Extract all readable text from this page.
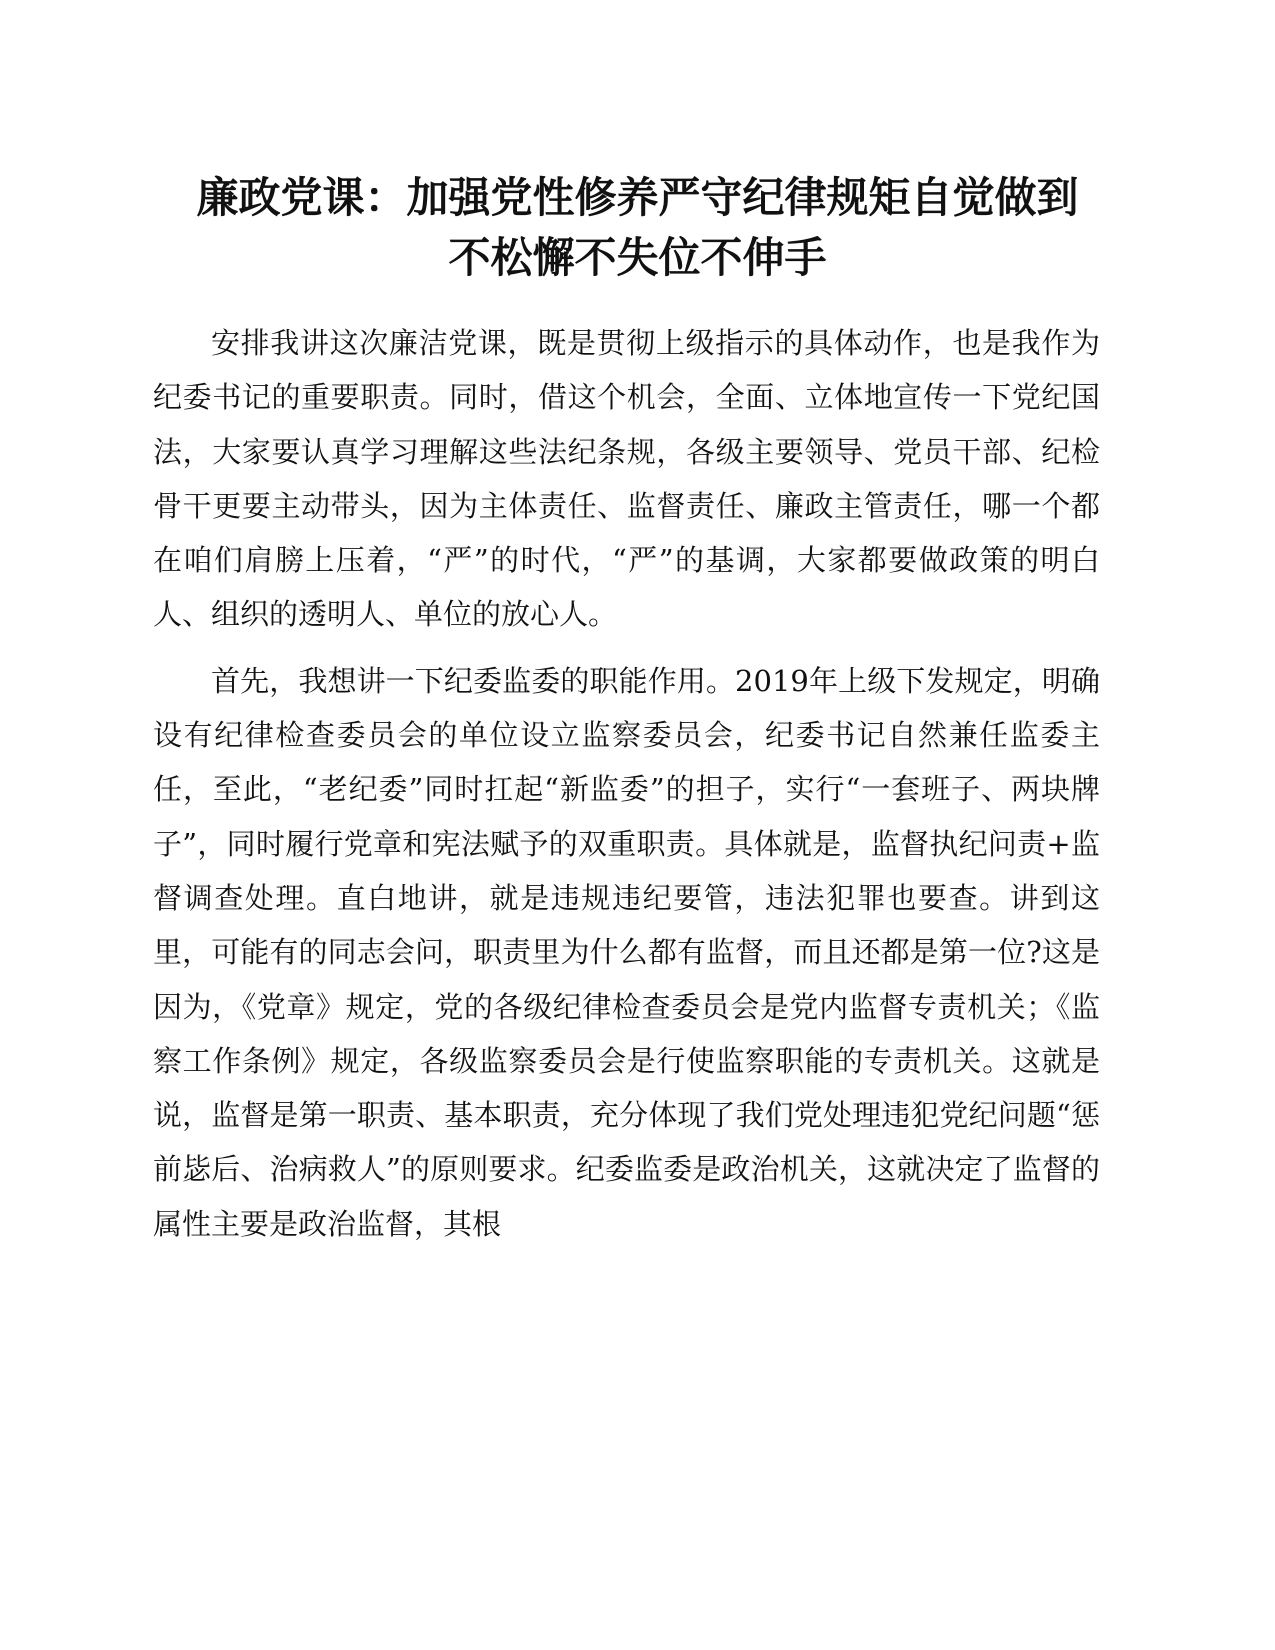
廉政党课：加强党性修养严守纪律规矩自觉做到
不松懈不失位不伸手

安排我讲这次廉洁党课，既是贯彻上级指示的具体动作，也是我作为纪委书记的重要职责。同时，借这个机会，全面、立体地宣传一下党纪国法，大家要认真学习理解这些法纪条规，各级主要领导、党员干部、纪检骨干更要主动带头，因为主体责任、监督责任、廉政主管责任，哪一个都在咱们肩膀上压着，“严”的时代，“严”的基调，大家都要做政策的明白人、组织的透明人、单位的放心人。

首先，我想讲一下纪委监委的职能作用。2019年上级下发规定，明确设有纪律检查委员会的单位设立监察委员会，纪委书记自然兼任监委主任，至此，“老纪委”同时扛起“新监委”的担子，实行“一套班子、两块牌子”，同时履行党章和宪法赋予的双重职责。具体就是，监督执纪问责+监督调查处理。直白地讲，就是违规违纪要管，违法犯罪也要查。讲到这里，可能有的同志会问，职责里为什么都有监督，而且还都是第一位?这是因为，《党章》规定，党的各级纪律检查委员会是党内监督专责机关；《监察工作条例》规定，各级监察委员会是行使监察职能的专责机关。这就是说，监督是第一职责、基本职责，充分体现了我们党处理违犯党纪问题“惩前毖后、治病救人”的原则要求。纪委监委是政治机关，这就决定了监督的属性主要是政治监督，其根
